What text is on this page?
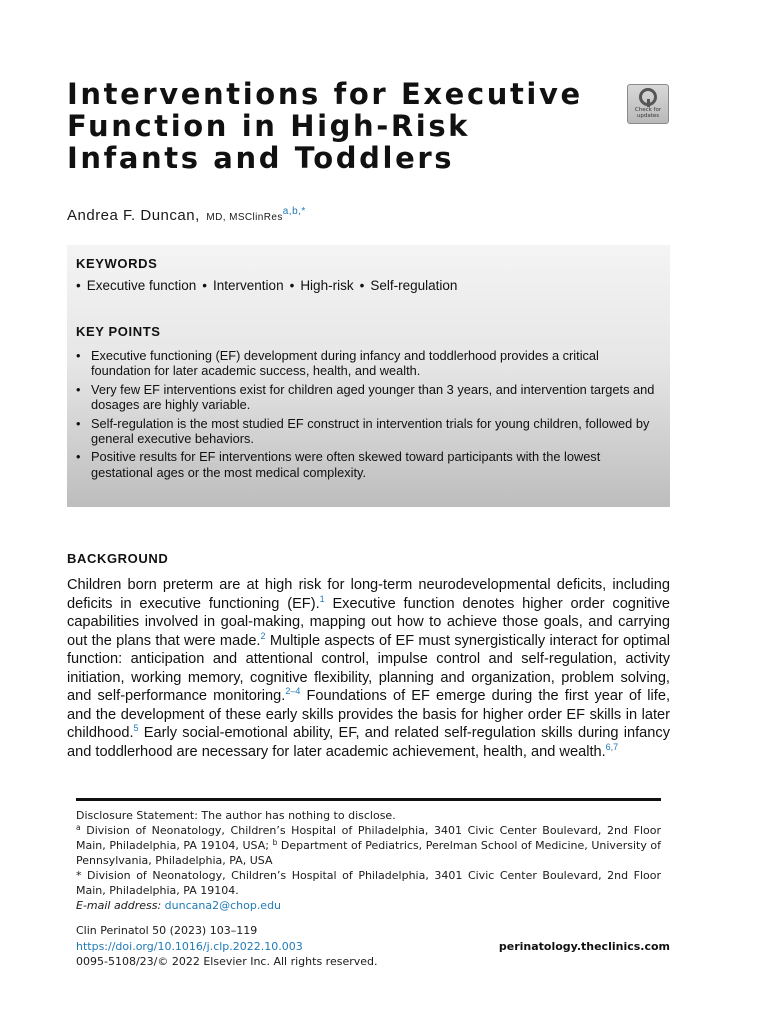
Interventions for Executive Function in High-Risk Infants and Toddlers
Check for
updates
Andrea F. Duncan, MD, MSClinRes$^{a,b,*}$
KEYWORDS
• Executive function	• Intervention	• High-risk	• Self-regulation
KEY POINTS
• Executive functioning (EF) development during infancy and toddlerhood provides a critical foundation for later academic success, health, and wealth.
• Very few EF interventions exist for children aged younger than 3 years, and intervention targets and dosages are highly variable.
• Self-regulation is the most studied EF construct in intervention trials for young children, followed by general executive behaviors.
• Positive results for EF interventions were often skewed toward participants with the lowest gestational ages or the most medical complexity.
BACKGROUND

Children born preterm are at high risk for long-term neurodevelopmental deficits, including deficits in executive functioning (EF).$^1$ Executive function denotes higher order cognitive capabilities involved in goal-making, mapping out how to achieve those goals, and carrying out the plans that were made.$^2$ Multiple aspects of EF must synergistically interact for optimal function: anticipation and attentional control, impulse control and self-regulation, activity initiation, working memory, cognitive flexibility, planning and organization, problem solving, and self-performance monitoring.$^{2-4}$ Foundations of EF emerge during the first year of life, and the development of these early skills provides the basis for higher order EF skills in later childhood.$^5$ Early social-emotional ability, EF, and related self-regulation skills during infancy and toddlerhood are necessary for later academic achievement, health, and wealth.$^{6,7}$

Disclosure Statement: The author has nothing to disclose.

$^a$ Division of Neonatology, Children’s Hospital of Philadelphia, 3401 Civic Center Boulevard, 2nd Floor Main, Philadelphia, PA 19104, USA; $^b$ Department of Pediatrics, Perelman School of Medicine, University of Pennsylvania, Philadelphia, PA, USA

* Division of Neonatology, Children’s Hospital of Philadelphia, 3401 Civic Center Boulevard, 2nd Floor Main, Philadelphia, PA 19104.

E-mail address: duncana2@chop.edu

Clin Perinatol 50 (2023) 103–119
https://doi.org/10.1016/j.clp.2022.10.003
0095-5108/23/© 2022 Elsevier Inc. All rights reserved.
perinatology.theclinics.com
